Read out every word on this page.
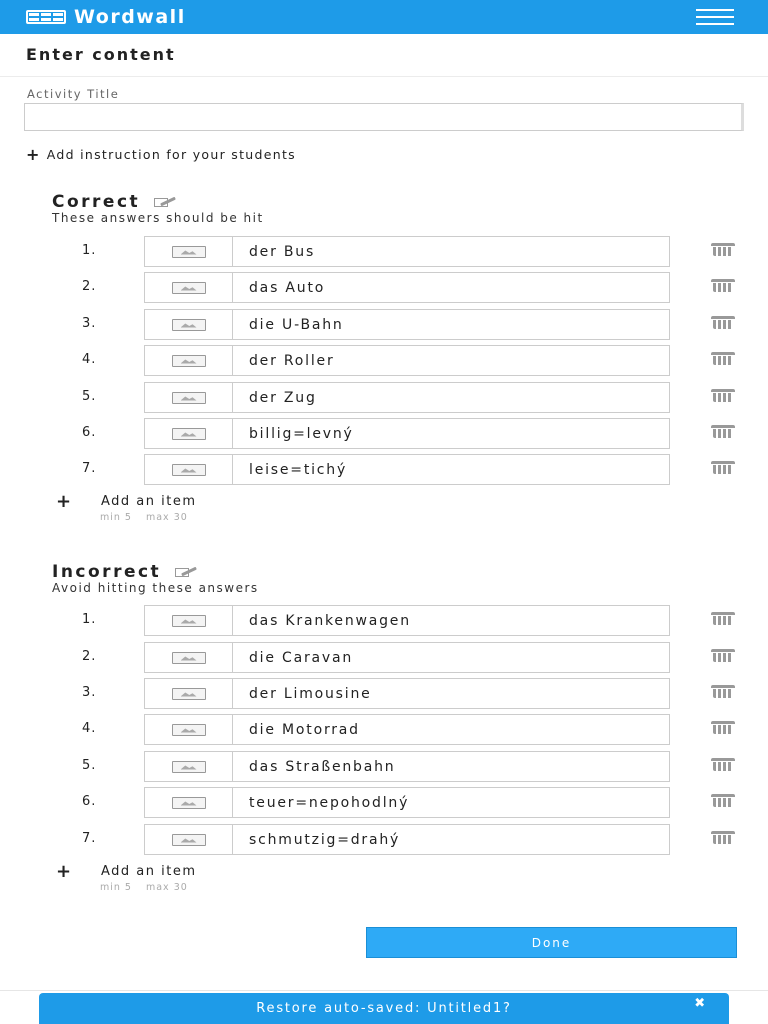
Wordwall
Enter content
Activity Title
+ Add instruction for your students
Correct
These answers should be hit
1.	der Bus
2.	das Auto
3.	die U-Bahn
4.	der Roller
5.	der Zug
6.	billig=levný
7.	leise=tichý
+	Add an item
min 5 max 30
Incorrect
Avoid hitting these answers
1.	das Krankenwagen
2.	die Caravan
3.	der Limousine
4.	die Motorrad
5.	das Straßenbahn
6.	teuer=nepohodlný
7.	schmutzig=drahý
+	Add an item
min 5 max 30
Done
Restore auto-saved: Untitled1?	✖
